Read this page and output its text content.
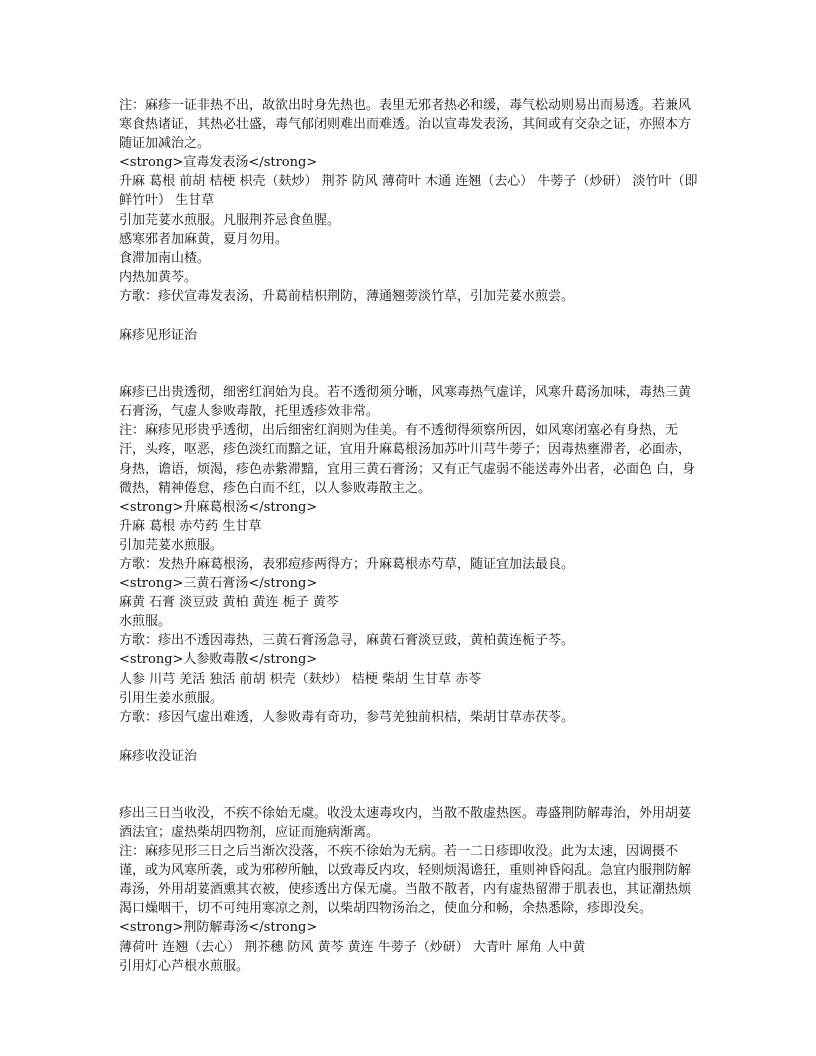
注：麻疹一证非热不出，故欲出时身先热也。表里无邪者热必和缓，毒气松动则易出而易透。若兼风寒食热诸证，其热必壮盛，毒气郁闭则难出而难透。治以宣毒发表汤，其间或有交杂之证，亦照本方随证加减治之。

<strong>宣毒发表汤</strong>

升麻 葛根 前胡 桔梗 枳壳（麸炒） 荆芥 防风 薄荷叶 木通 连翘（去心） 牛蒡子（炒研） 淡竹叶（即鲜竹叶） 生甘草

引加芫荽水煎服。凡服荆芥忌食鱼腥。

感寒邪者加麻黄，夏月勿用。

食滞加南山楂。

内热加黄芩。

方歌：疹伏宣毒发表汤，升葛前桔枳荆防，薄通翘蒡淡竹草，引加芫荽水煎尝。

麻疹见形证治

麻疹已出贵透彻，细密红润始为良。若不透彻须分晰，风寒毒热气虚详，风寒升葛汤加味，毒热三黄石膏汤，气虚人参败毒散，托里透疹效非常。

注：麻疹见形贵乎透彻，出后细密红润则为佳美。有不透彻得须察所因，如风寒闭塞必有身热，无汗，头疼，呕恶，疹色淡红而黯之证，宜用升麻葛根汤加苏叶川芎牛蒡子；因毒热壅滞者，必面赤，身热，谵语，烦渴，疹色赤紫滞黯，宜用三黄石膏汤；又有正气虚弱不能送毒外出者，必面色 白，身微热，精神倦怠，疹色白而不红，以人参败毒散主之。

<strong>升麻葛根汤</strong>

升麻 葛根 赤芍药 生甘草

引加芫荽水煎服。

方歌：发热升麻葛根汤，表邪痘疹两得方；升麻葛根赤芍草，随证宜加法最良。

<strong>三黄石膏汤</strong>

麻黄 石膏 淡豆豉 黄柏 黄连 栀子 黄芩

水煎服。

方歌：疹出不透因毒热，三黄石膏汤急寻，麻黄石膏淡豆豉，黄柏黄连栀子芩。

<strong>人参败毒散</strong>

人参 川芎 羌活 独活 前胡 枳壳（麸炒） 桔梗 柴胡 生甘草 赤苓

引用生姜水煎服。

方歌：疹因气虚出难透，人参败毒有奇功，参芎羌独前枳桔，柴胡甘草赤茯苓。

麻疹收没证治

疹出三日当收没，不疾不徐始无虞。收没太速毒攻内，当散不散虚热医。毒盛荆防解毒治，外用胡荽酒法宜；虚热柴胡四物剂，应证而施病渐离。

注：麻疹见形三日之后当渐次没落，不疾不徐始为无病。若一二日疹即收没。此为太速，因调摄不谨，或为风寒所袭，或为邪秽所触，以致毒反内攻，轻则烦渴谵狂，重则神昏闷乱。急宜内服荆防解毒汤，外用胡荽酒熏其衣被，使疹透出方保无虞。当散不散者，内有虚热留滞于肌表也，其证潮热烦渴口燥咽干，切不可纯用寒凉之剂，以柴胡四物汤治之，使血分和畅，余热悉除，疹即没矣。

<strong>荆防解毒汤</strong>

薄荷叶 连翘（去心） 荆芥穗 防风 黄芩 黄连 牛蒡子（炒研） 大青叶 犀角 人中黄

引用灯心芦根水煎服。
